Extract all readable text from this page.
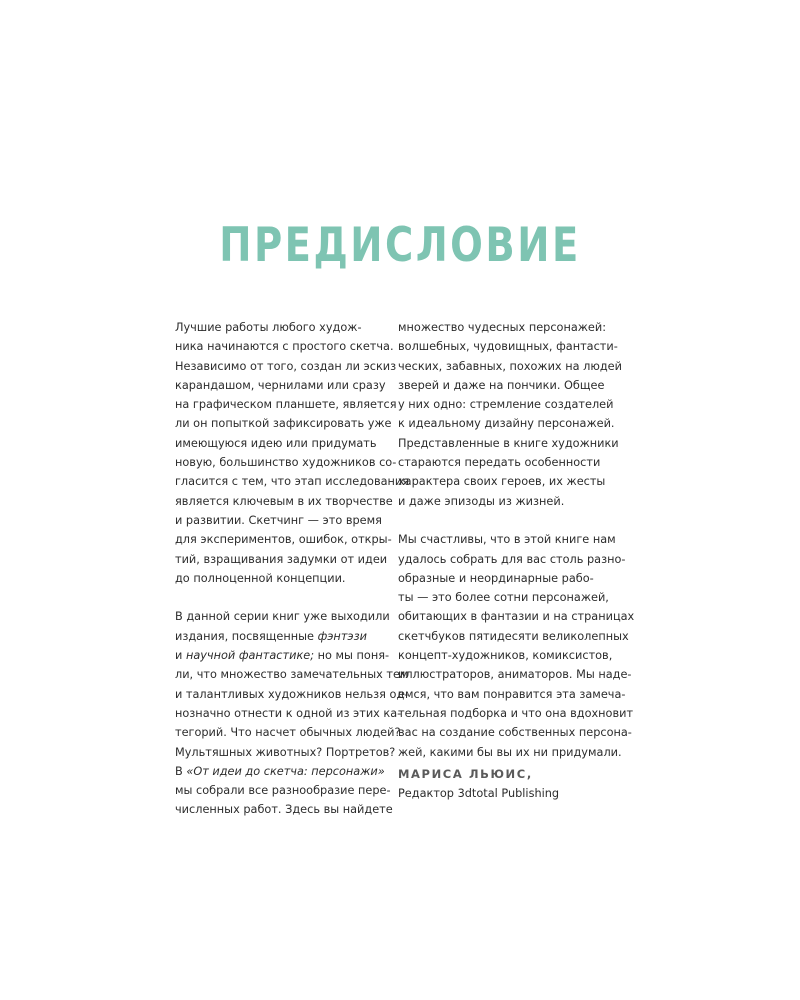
ПРЕДИСЛОВИЕ
Лучшие работы любого худож-
ника начинаются с простого скетча.
Независимо от того, создан ли эскиз
карандашом, чернилами или сразу
на графическом планшете, является
ли он попыткой зафиксировать уже
имеющуюся идею или придумать
новую, большинство художников со-
гласится с тем, что этап исследования
является ключевым в их творчестве
и развитии. Скетчинг — это время
для экспериментов, ошибок, откры-
тий, взращивания задумки от идеи
до полноценной концепции.
В данной серии книг уже выходили
издания, посвященные фэнтэзи
и научной фантастике; но мы поня-
ли, что множество замечательных тем
и талантливых художников нельзя од-
нозначно отнести к одной из этих ка-
тегорий. Что насчет обычных людей?
Мультяшных животных? Портретов?
В «От идеи до скетча: персонажи»
мы собрали все разнообразие пере-
численных работ. Здесь вы найдете
множество чудесных персонажей:
волшебных, чудовищных, фантасти-
ческих, забавных, похожих на людей
зверей и даже на пончики. Общее
у них одно: стремление создателей
к идеальному дизайну персонажей.
Представленные в книге художники
стараются передать особенности
характера своих героев, их жесты
и даже эпизоды из жизней.
Мы счастливы, что в этой книге нам
удалось собрать для вас столь разно-
образные и неординарные рабо-
ты — это более сотни персонажей,
обитающих в фантазии и на страницах
скетчбуков пятидесяти великолепных
концепт-художников, комиксистов,
иллюстраторов, аниматоров. Мы наде-
емся, что вам понравится эта замеча-
тельная подборка и что она вдохновит
вас на создание собственных персона-
жей, какими бы вы их ни придумали.
МАРИСА ЛЬЮИС,
Редактор 3dtotal Publishing
